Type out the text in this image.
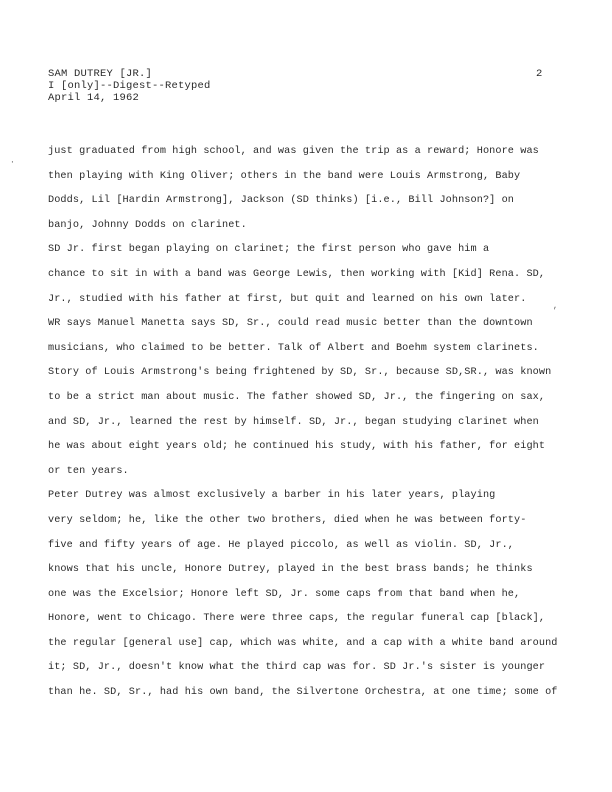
SAM DUTREY [JR.]
I [only]--Digest--Retyped
April 14, 1962
2
just graduated from high school, and was given the trip as a reward; Honore was
then playing with King Oliver; others in the band were Louis Armstrong, Baby
Dodds, Lil [Hardin Armstrong], Jackson (SD thinks) [i.e., Bill Johnson?] on
banjo, Johnny Dodds on clarinet.
SD Jr. first began playing on clarinet; the first person who gave him a
chance to sit in with a band was George Lewis, then working with [Kid] Rena. SD,
Jr., studied with his father at first, but quit and learned on his own later.
WR says Manuel Manetta says SD, Sr., could read music better than the downtown
musicians, who claimed to be better. Talk of Albert and Boehm system clarinets.
Story of Louis Armstrong's being frightened by SD, Sr., because SD,SR., was known
to be a strict man about music. The father showed SD, Jr., the fingering on sax,
and SD, Jr., learned the rest by himself. SD, Jr., began studying clarinet when
he was about eight years old; he continued his study, with his father, for eight
or ten years.
Peter Dutrey was almost exclusively a barber in his later years, playing
very seldom; he, like the other two brothers, died when he was between forty-
five and fifty years of age. He played piccolo, as well as violin. SD, Jr.,
knows that his uncle, Honore Dutrey, played in the best brass bands; he thinks
one was the Excelsior; Honore left SD, Jr. some caps from that band when he,
Honore, went to Chicago. There were three caps, the regular funeral cap [black],
the regular [general use] cap, which was white, and a cap with a white band around
it; SD, Jr., doesn't know what the third cap was for. SD Jr.'s sister is younger
than he. SD, Sr., had his own band, the Silvertone Orchestra, at one time; some of
·
,
